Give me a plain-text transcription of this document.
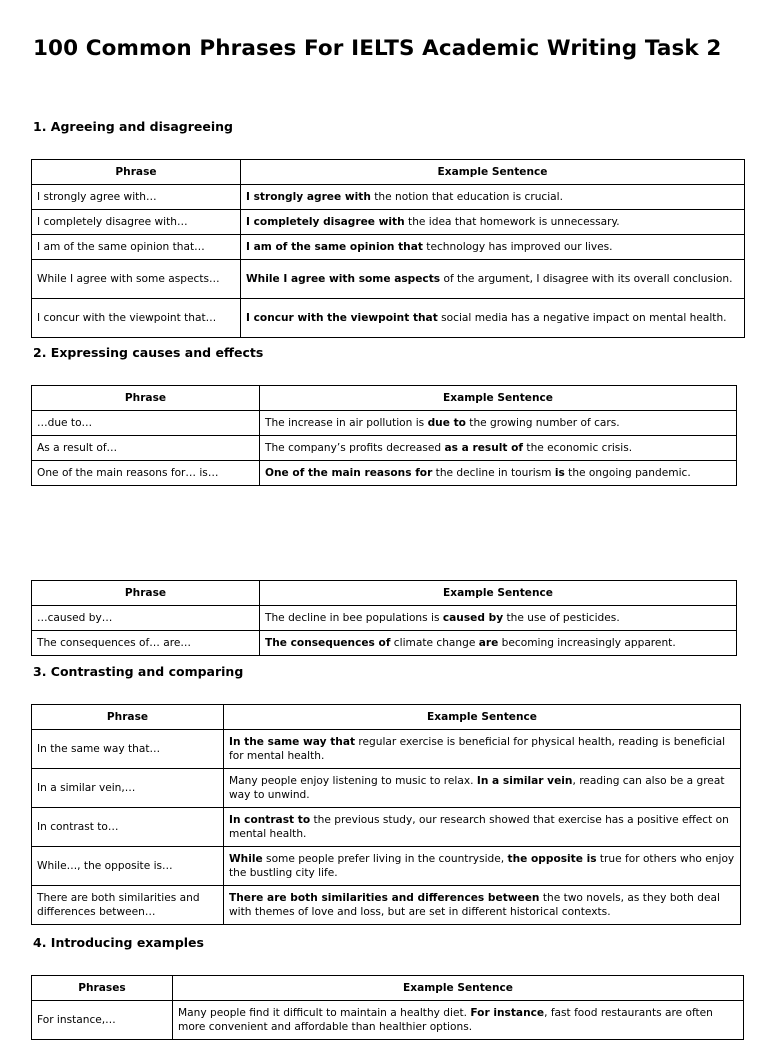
100 Common Phrases For IELTS Academic Writing Task 2
1. Agreeing and disagreeing
Phrase	Example Sentence
I strongly agree with…	I strongly agree with the notion that education is crucial.
I completely disagree with…	I completely disagree with the idea that homework is unnecessary.
I am of the same opinion that…	I am of the same opinion that technology has improved our lives.
While I agree with some aspects…	While I agree with some aspects of the argument, I disagree with its overall conclusion.
I concur with the viewpoint that…	I concur with the viewpoint that social media has a negative impact on mental health.
2. Expressing causes and effects
Phrase	Example Sentence
…due to…	The increase in air pollution is due to the growing number of cars.
As a result of…	The company’s profits decreased as a result of the economic crisis.
One of the main reasons for… is…	One of the main reasons for the decline in tourism is the ongoing pandemic.
Phrase	Example Sentence
…caused by…	The decline in bee populations is caused by the use of pesticides.
The consequences of… are…	The consequences of climate change are becoming increasingly apparent.
3. Contrasting and comparing
Phrase	Example Sentence
In the same way that…	In the same way that regular exercise is beneficial for physical health, reading is beneficial for mental health.
In a similar vein,…	Many people enjoy listening to music to relax. In a similar vein, reading can also be a great way to unwind.
In contrast to…	In contrast to the previous study, our research showed that exercise has a positive effect on mental health.
While…, the opposite is…	While some people prefer living in the countryside, the opposite is true for others who enjoy the bustling city life.
There are both similarities and differences between…	There are both similarities and differences between the two novels, as they both deal with themes of love and loss, but are set in different historical contexts.
4. Introducing examples
Phrases	Example Sentence
For instance,…	Many people find it difficult to maintain a healthy diet. For instance, fast food restaurants are often more convenient and affordable than healthier options.
